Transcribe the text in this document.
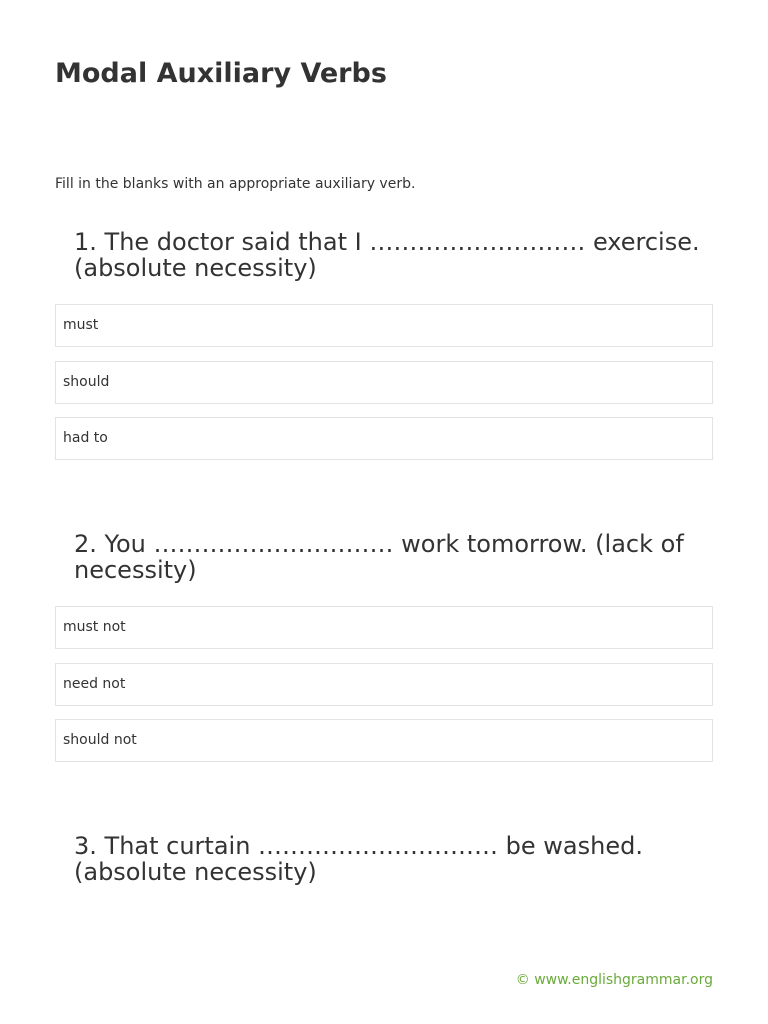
Modal Auxiliary Verbs
Fill in the blanks with an appropriate auxiliary verb.
1. The doctor said that I ……………………… exercise. (absolute necessity)
must
should
had to
2. You ………………………… work tomorrow. (lack of necessity)
must not
need not
should not
3. That curtain ………………………… be washed. (absolute necessity)
© www.englishgrammar.org
